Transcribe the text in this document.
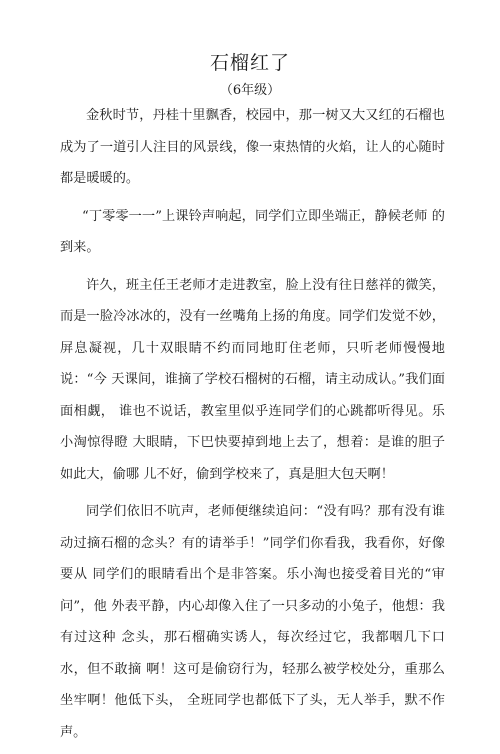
石榴红了
（6年级）

金秋时节，丹桂十里飘香，校园中，那一树又大又红的石榴也 成为了一道引人注目的风景线，像一束热情的火焰，让人的心随时 都是暖暖的。

“丁零零一一”上课铃声响起，同学们立即坐端正，静候老师 的到来。

许久，班主任王老师才走进教室，脸上没有往日慈祥的微笑， 而是一脸冷冰冰的，没有一丝嘴角上扬的角度。同学们发觉不妙， 屏息凝视，几十双眼睛不约而同地盯住老师，只听老师慢慢地说：“今 天课间，谁摘了学校石榴树的石榴，请主动成认。”我们面面相觑， 谁也不说话，教室里似乎连同学们的心跳都听得见。乐小淘惊得瞪 大眼睛，下巴快要掉到地上去了，想着：是谁的胆子如此大，偷哪 儿不好，偷到学校来了，真是胆大包天啊！

同学们依旧不吭声，老师便继续追问：“没有吗？那有没有谁动过摘石榴的念头？有的请举手！”同学们你看我，我看你，好像要从 同学们的眼睛看出个是非答案。乐小淘也接受着目光的“审问”，他 外表平静，内心却像入住了一只多动的小兔子，他想：我有过这种 念头，那石榴确实诱人，每次经过它，我都咽几下口水，但不敢摘 啊！这可是偷窃行为，轻那么被学校处分，重那么坐牢啊！他低下头， 全班同学也都低下了头，无人举手，默不作声。
